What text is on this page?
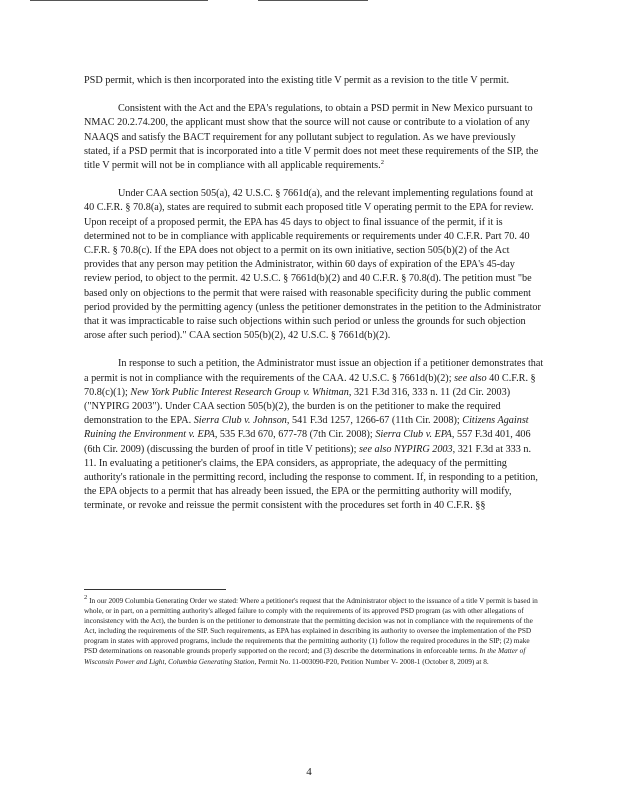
PSD permit, which is then incorporated into the existing title V permit as a revision to the title V permit.

Consistent with the Act and the EPA's regulations, to obtain a PSD permit in New Mexico pursuant to NMAC 20.2.74.200, the applicant must show that the source will not cause or contribute to a violation of any NAAQS and satisfy the BACT requirement for any pollutant subject to regulation. As we have previously stated, if a PSD permit that is incorporated into a title V permit does not meet these requirements of the SIP, the title V permit will not be in compliance with all applicable requirements.$^2$

Under CAA section 505(a), 42 U.S.C. § 7661d(a), and the relevant implementing regulations found at 40 C.F.R. § 70.8(a), states are required to submit each proposed title V operating permit to the EPA for review. Upon receipt of a proposed permit, the EPA has 45 days to object to final issuance of the permit, if it is determined not to be in compliance with applicable requirements or requirements under 40 C.F.R. Part 70. 40 C.F.R. § 70.8(c). If the EPA does not object to a permit on its own initiative, section 505(b)(2) of the Act provides that any person may petition the Administrator, within 60 days of expiration of the EPA's 45-day review period, to object to the permit. 42 U.S.C. § 7661d(b)(2) and 40 C.F.R. § 70.8(d). The petition must "be based only on objections to the permit that were raised with reasonable specificity during the public comment period provided by the permitting agency (unless the petitioner demonstrates in the petition to the Administrator that it was impracticable to raise such objections within such period or unless the grounds for such objection arose after such period)." CAA section 505(b)(2), 42 U.S.C. § 7661d(b)(2).

In response to such a petition, the Administrator must issue an objection if a petitioner demonstrates that a permit is not in compliance with the requirements of the CAA. 42 U.S.C. § 7661d(b)(2); see also 40 C.F.R. § 70.8(c)(1); New York Public Interest Research Group v. Whitman, 321 F.3d 316, 333 n. 11 (2d Cir. 2003) ("NYPIRG 2003"). Under CAA section 505(b)(2), the burden is on the petitioner to make the required demonstration to the EPA. Sierra Club v. Johnson, 541 F.3d 1257, 1266-67 (11th Cir. 2008); Citizens Against Ruining the Environment v. EPA, 535 F.3d 670, 677-78 (7th Cir. 2008); Sierra Club v. EPA, 557 F.3d 401, 406 (6th Cir. 2009) (discussing the burden of proof in title V petitions); see also NYPIRG 2003, 321 F.3d at 333 n. 11. In evaluating a petitioner's claims, the EPA considers, as appropriate, the adequacy of the permitting authority's rationale in the permitting record, including the response to comment. If, in responding to a petition, the EPA objects to a permit that has already been issued, the EPA or the permitting authority will modify, terminate, or revoke and reissue the permit consistent with the procedures set forth in 40 C.F.R. §§

$^2$ In our 2009 Columbia Generating Order we stated: Where a petitioner's request that the Administrator object to the issuance of a title V permit is based in whole, or in part, on a permitting authority's alleged failure to comply with the requirements of its approved PSD program (as with other allegations of inconsistency with the Act), the burden is on the petitioner to demonstrate that the permitting decision was not in compliance with the requirements of the Act, including the requirements of the SIP. Such requirements, as EPA has explained in describing its authority to oversee the implementation of the PSD program in states with approved programs, include the requirements that the permitting authority (1) follow the required procedures in the SIP; (2) make PSD determinations on reasonable grounds properly supported on the record; and (3) describe the determinations in enforceable terms. In the Matter of Wisconsin Power and Light, Columbia Generating Station, Permit No. 11-003090-P20, Petition Number V- 2008-1 (October 8, 2009) at 8.

4
